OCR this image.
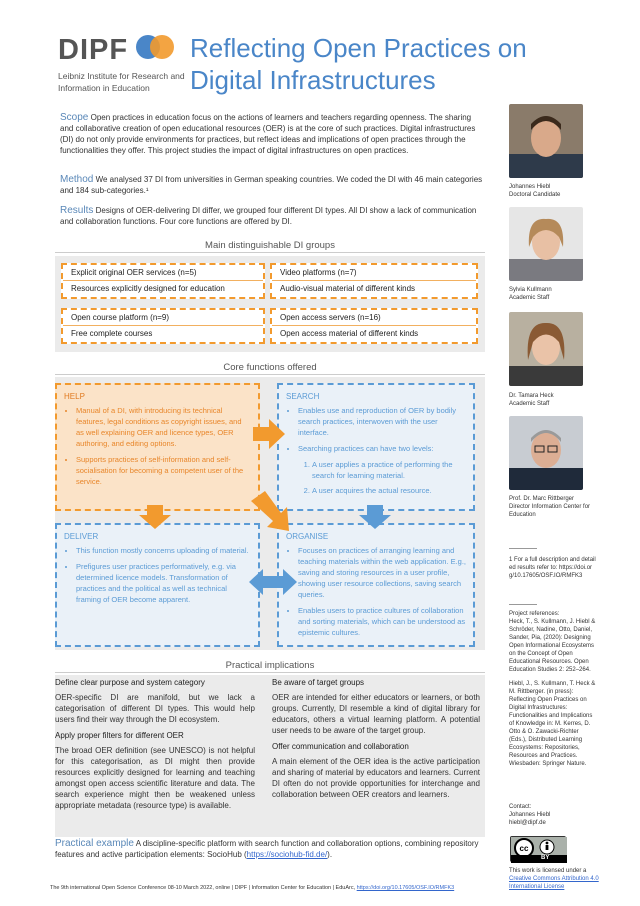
DIPF
Leibniz Institute for Research and Information in Education
Reflecting Open Practices on Digital Infrastructures
Scope Open practices in education focus on the actions of learners and teachers regarding openness. The sharing and collaborative creation of open educational resources (OER) is at the core of such practices. Digital infrastructures (DI) do not only provide environments for practices, but reflect ideas and implications of open practices through the functionalities they offer. This project studies the impact of digital infrastructures on open practices.
Method We analysed 37 DI from universities in German speaking countries. We coded the DI with 46 main categories and 184 sub-categories.¹
Results Designs of OER-delivering DI differ, we grouped four different DI types. All DI show a lack of communication and collaboration functions. Four core functions are offered by DI.
Main distinguishable DI groups
Explicit original OER services (n=5)
Resources explicitly designed for education
Video platforms (n=7)
Audio-visual material of different kinds
Open course platform (n=9)
Free complete courses
Open access servers (n=16)
Open access material of different kinds
Core functions offered
HELP
• Manual of a DI, with introducing its technical features, legal conditions as copyright issues, and as well explaining OER and licence types, OER authoring, and editing options.
• Supports practices of self-information and self-socialisation for becoming a competent user of the service.
SEARCH
• Enables use and reproduction of OER by bodily search practices, interwoven with the user interface.
• Searching practices can have two levels:
1. A user applies a practice of performing the search for learning material.
2. A user acquires the actual resource.
DELIVER
• This function mostly concerns uploading of material.
• Prefigures user practices performatively, e.g. via determined licence models. Transformation of practices and the political as well as technical framing of OER become apparent.
ORGANISE
• Focuses on practices of arranging learning and teaching materials within the web application. E.g., saving and storing resources in a user profile, showing user resource collections, saving search queries.
• Enables users to practice cultures of collaboration and sorting materials, which can be understood as epistemic cultures.
Practical implications
Define clear purpose and system category
OER-specific DI are manifold, but we lack a categorisation of different DI types. This would help users find their way through the DI ecosystem.
Apply proper filters for different OER
The broad OER definition (see UNESCO) is not helpful for this categorisation, as DI might then provide resources explicitly designed for learning and teaching amongst open access scientific literature and data. The search experience might then be weakened unless appropriate metadata (resource type) is available.
Be aware of target groups
OER are intended for either educators or learners, or both groups. Currently, DI resemble a kind of digital library for educators, others a virtual learning platform. A potential user needs to be aware of the target group.
Offer communication and collaboration
A main element of the OER idea is the active participation and sharing of material by educators and learners. Current DI often do not provide opportunities for interchange and collaboration between OER creators and learners.
Practical example A discipline-specific platform with search function and collaboration options, combining repository features and active participation elements: SocioHub (https://sociohub-fid.de/).
Johannes Hiebl
Doctoral Candidate
Sylvia Kullmann
Academic Staff
Dr. Tamara Heck
Academic Staff
Prof. Dr. Marc Rittberger
Director Information Center for Education
1 For a full description and detailed results refer to: https://doi.org/10.17605/OSF.IO/RMFK3
Project references:
Heck, T., S. Kullmann, J. Hiebl & Schröder, Nadine, Otto, Daniel, Sander, Pia, (2020): Designing Open Informational Ecosystems on the Concept of Open Educational Resources. Open Education Studies 2: 252–264.
Hiebl, J., S. Kullmann, T. Heck & M. Rittberger. (in press): Reflecting Open Practices on Digital Infrastructures: Functionalities and Implications of Knowledge in: M. Kerres, D. Otto & O. Zawacki-Richter (Eds.), Distributed Learning Ecosystems: Repositories, Resources and Practices. Wiesbaden: Springer Nature.
Contact:
Johannes Hiebl
hiebl@dipf.de
cc
BY
This work is licensed under a Creative Commons Attribution 4.0 International License
The 9th international Open Science Conference 08-10 March 2022, online | DIPF | Information Center for Education | EduArc, https://doi.org/10.17605/OSF.IO/RMFK3
